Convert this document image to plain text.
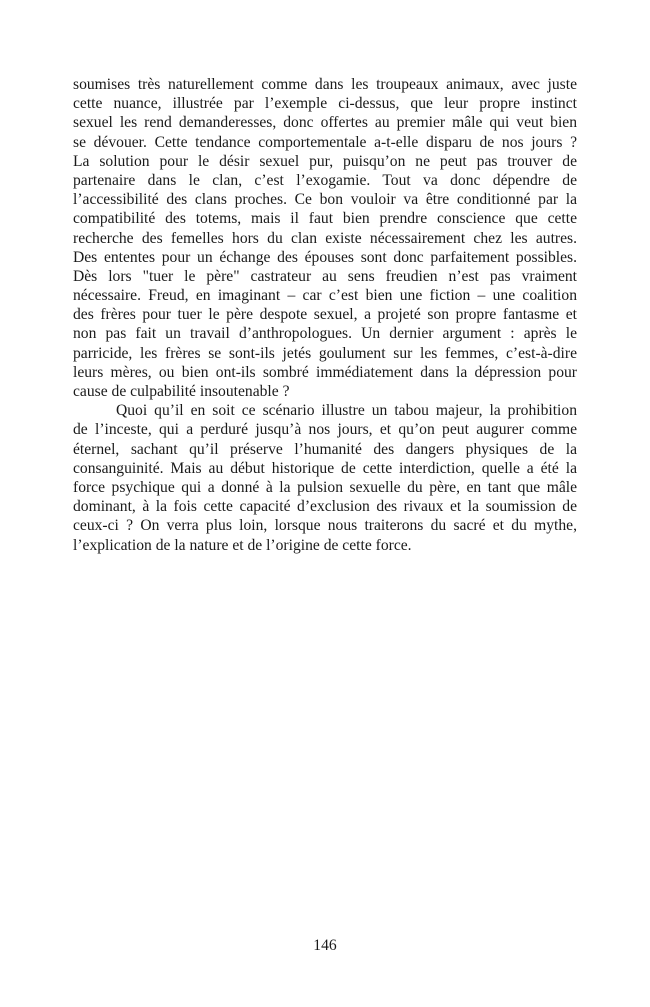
soumises très naturellement comme dans les troupeaux animaux, avec juste
cette nuance, illustrée par l’exemple ci-dessus, que leur propre instinct
sexuel les rend demanderesses, donc offertes au premier mâle qui veut bien
se dévouer. Cette tendance comportementale a-t-elle disparu de nos jours ?
La solution pour le désir sexuel pur, puisqu’on ne peut pas trouver de
partenaire dans le clan, c’est l’exogamie. Tout va donc dépendre de
l’accessibilité des clans proches. Ce bon vouloir va être conditionné par la
compatibilité des totems, mais il faut bien prendre conscience que cette
recherche des femelles hors du clan existe nécessairement chez les autres.
Des ententes pour un échange des épouses sont donc parfaitement possibles.
Dès lors "tuer le père" castrateur au sens freudien n’est pas vraiment
nécessaire. Freud, en imaginant – car c’est bien une fiction – une coalition
des frères pour tuer le père despote sexuel, a projeté son propre fantasme et
non pas fait un travail d’anthropologues. Un dernier argument : après le
parricide, les frères se sont-ils jetés goulument sur les femmes, c’est-à-dire
leurs mères, ou bien ont-ils sombré immédiatement dans la dépression pour
cause de culpabilité insoutenable ?
Quoi qu’il en soit ce scénario illustre un tabou majeur, la prohibition
de l’inceste, qui a perduré jusqu’à nos jours, et qu’on peut augurer comme
éternel, sachant qu’il préserve l’humanité des dangers physiques de la
consanguinité. Mais au début historique de cette interdiction, quelle a été la
force psychique qui a donné à la pulsion sexuelle du père, en tant que mâle
dominant, à la fois cette capacité d’exclusion des rivaux et la soumission de
ceux-ci ? On verra plus loin, lorsque nous traiterons du sacré et du mythe,
l’explication de la nature et de l’origine de cette force.
146
